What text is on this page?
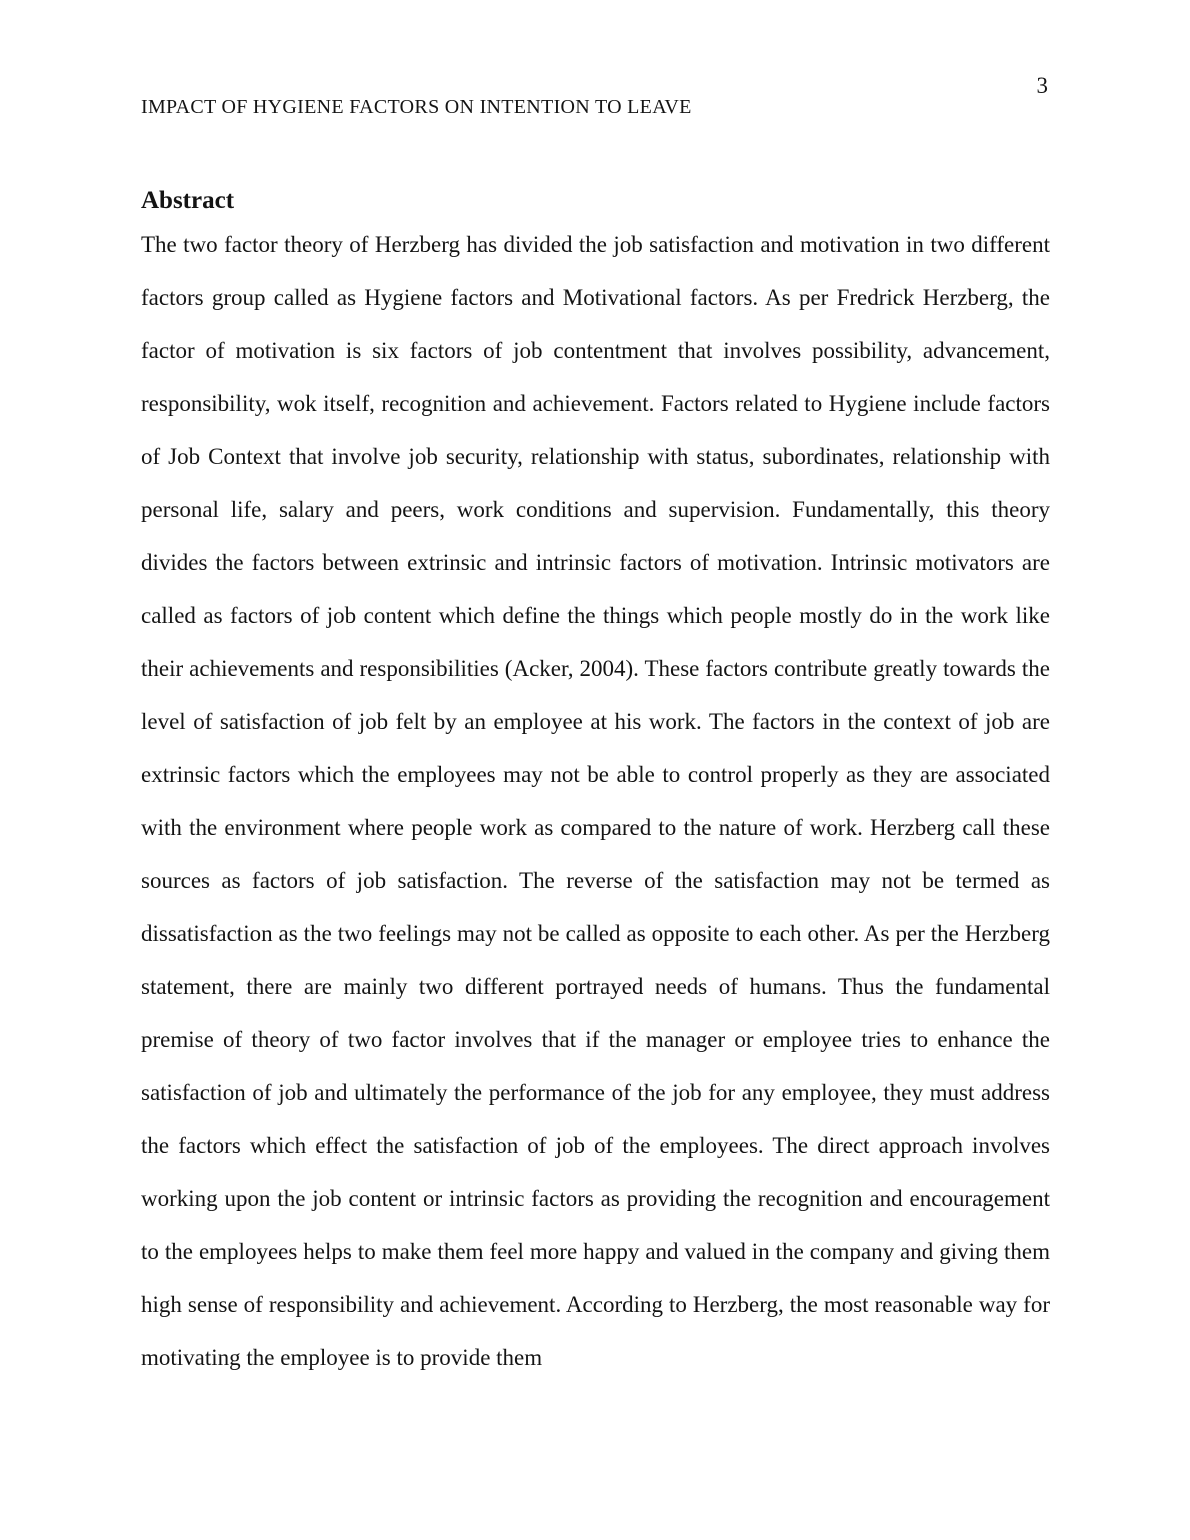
3
IMPACT OF HYGIENE FACTORS ON INTENTION TO LEAVE
Abstract

The two factor theory of Herzberg has divided the job satisfaction and motivation in two different factors group called as Hygiene factors and Motivational factors. As per Fredrick Herzberg, the factor of motivation is six factors of job contentment that involves possibility, advancement, responsibility, wok itself, recognition and achievement. Factors related to Hygiene include factors of Job Context that involve job security, relationship with status, subordinates, relationship with personal life, salary and peers, work conditions and supervision. Fundamentally, this theory divides the factors between extrinsic and intrinsic factors of motivation. Intrinsic motivators are called as factors of job content which define the things which people mostly do in the work like their achievements and responsibilities (Acker, 2004). These factors contribute greatly towards the level of satisfaction of job felt by an employee at his work. The factors in the context of job are extrinsic factors which the employees may not be able to control properly as they are associated with the environment where people work as compared to the nature of work. Herzberg call these sources as factors of job satisfaction. The reverse of the satisfaction may not be termed as dissatisfaction as the two feelings may not be called as opposite to each other. As per the Herzberg statement, there are mainly two different portrayed needs of humans. Thus the fundamental premise of theory of two factor involves that if the manager or employee tries to enhance the satisfaction of job and ultimately the performance of the job for any employee, they must address the factors which effect the satisfaction of job of the employees. The direct approach involves working upon the job content or intrinsic factors as providing the recognition and encouragement to the employees helps to make them feel more happy and valued in the company and giving them high sense of responsibility and achievement. According to Herzberg, the most reasonable way for motivating the employee is to provide them
